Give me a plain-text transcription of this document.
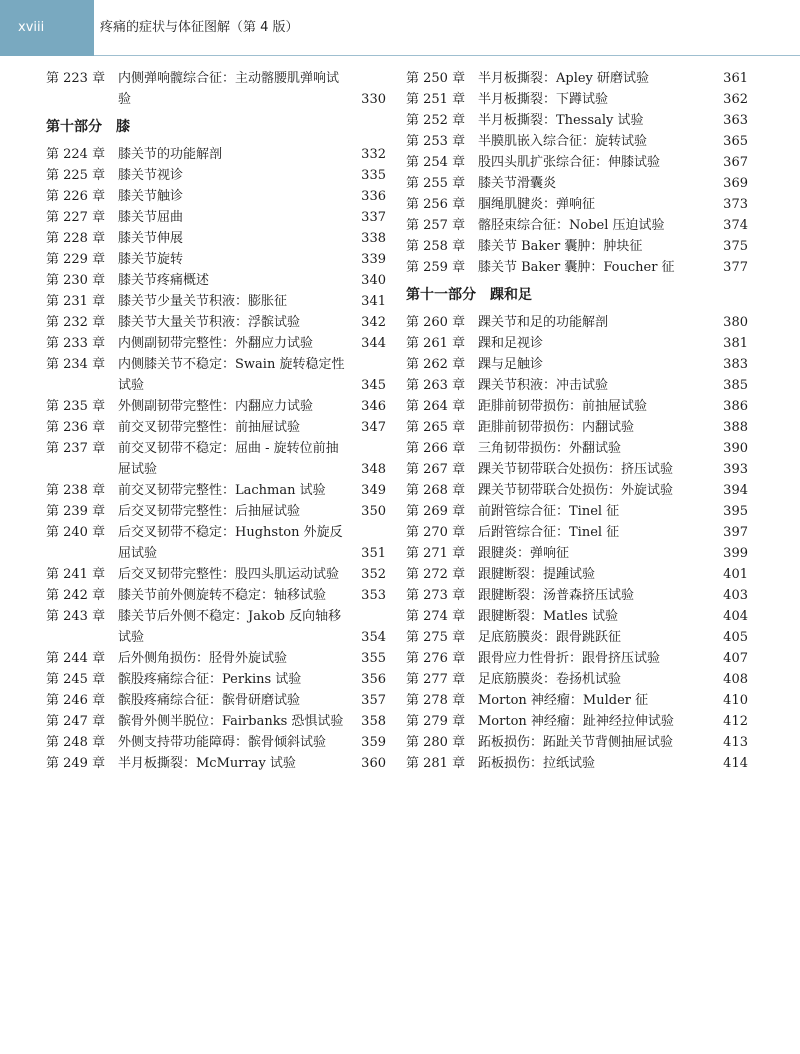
xviii	疼痛的症状与体征图解（第 4 版）
第 223 章 内侧弹响髋综合征：主动髂腰肌弹响试验	330
第十部分　膝
第 224 章 膝关节的功能解剖	332
第 225 章 膝关节视诊	335
第 226 章 膝关节触诊	336
第 227 章 膝关节屈曲	337
第 228 章 膝关节伸展	338
第 229 章 膝关节旋转	339
第 230 章 膝关节疼痛概述	340
第 231 章 膝关节少量关节积液：膨胀征	341
第 232 章 膝关节大量关节积液：浮髌试验	342
第 233 章 内侧副韧带完整性：外翻应力试验	344
第 234 章 内侧膝关节不稳定：Swain 旋转稳定性试验	345
第 235 章 外侧副韧带完整性：内翻应力试验	346
第 236 章 前交叉韧带完整性：前抽屉试验	347
第 237 章 前交叉韧带不稳定：屈曲 - 旋转位前抽屉试验	348
第 238 章 前交叉韧带完整性：Lachman 试验	349
第 239 章 后交叉韧带完整性：后抽屉试验	350
第 240 章 后交叉韧带不稳定：Hughston 外旋反屈试验	351
第 241 章 后交叉韧带完整性：股四头肌运动试验	352
第 242 章 膝关节前外侧旋转不稳定：轴移试验	353
第 243 章 膝关节后外侧不稳定：Jakob 反向轴移试验	354
第 244 章 后外侧角损伤：胫骨外旋试验	355
第 245 章 髌股疼痛综合征：Perkins 试验	356
第 246 章 髌股疼痛综合征：髌骨研磨试验	357
第 247 章 髌骨外侧半脱位：Fairbanks 恐惧试验	358
第 248 章 外侧支持带功能障碍：髌骨倾斜试验	359
第 249 章 半月板撕裂：McMurray 试验	360
第 250 章 半月板撕裂：Apley 研磨试验	361
第 251 章 半月板撕裂：下蹲试验	362
第 252 章 半月板撕裂：Thessaly 试验	363
第 253 章 半膜肌嵌入综合征：旋转试验	365
第 254 章 股四头肌扩张综合征：伸膝试验	367
第 255 章 膝关节滑囊炎	369
第 256 章 腘绳肌腱炎：弹响征	373
第 257 章 髂胫束综合征：Nobel 压迫试验	374
第 258 章 膝关节 Baker 囊肿：肿块征	375
第 259 章 膝关节 Baker 囊肿：Foucher 征	377
第十一部分　踝和足
第 260 章 踝关节和足的功能解剖	380
第 261 章 踝和足视诊	381
第 262 章 踝与足触诊	383
第 263 章 踝关节积液：冲击试验	385
第 264 章 距腓前韧带损伤：前抽屉试验	386
第 265 章 距腓前韧带损伤：内翻试验	388
第 266 章 三角韧带损伤：外翻试验	390
第 267 章 踝关节韧带联合处损伤：挤压试验	393
第 268 章 踝关节韧带联合处损伤：外旋试验	394
第 269 章 前跗管综合征：Tinel 征	395
第 270 章 后跗管综合征：Tinel 征	397
第 271 章 跟腱炎：弹响征	399
第 272 章 跟腱断裂：提踵试验	401
第 273 章 跟腱断裂：汤普森挤压试验	403
第 274 章 跟腱断裂：Matles 试验	404
第 275 章 足底筋膜炎：跟骨跳跃征	405
第 276 章 跟骨应力性骨折：跟骨挤压试验	407
第 277 章 足底筋膜炎：卷扬机试验	408
第 278 章 Morton 神经瘤：Mulder 征	410
第 279 章 Morton 神经瘤：趾神经拉伸试验	412
第 280 章 跖板损伤：跖趾关节背侧抽屉试验	413
第 281 章 跖板损伤：拉纸试验	414
